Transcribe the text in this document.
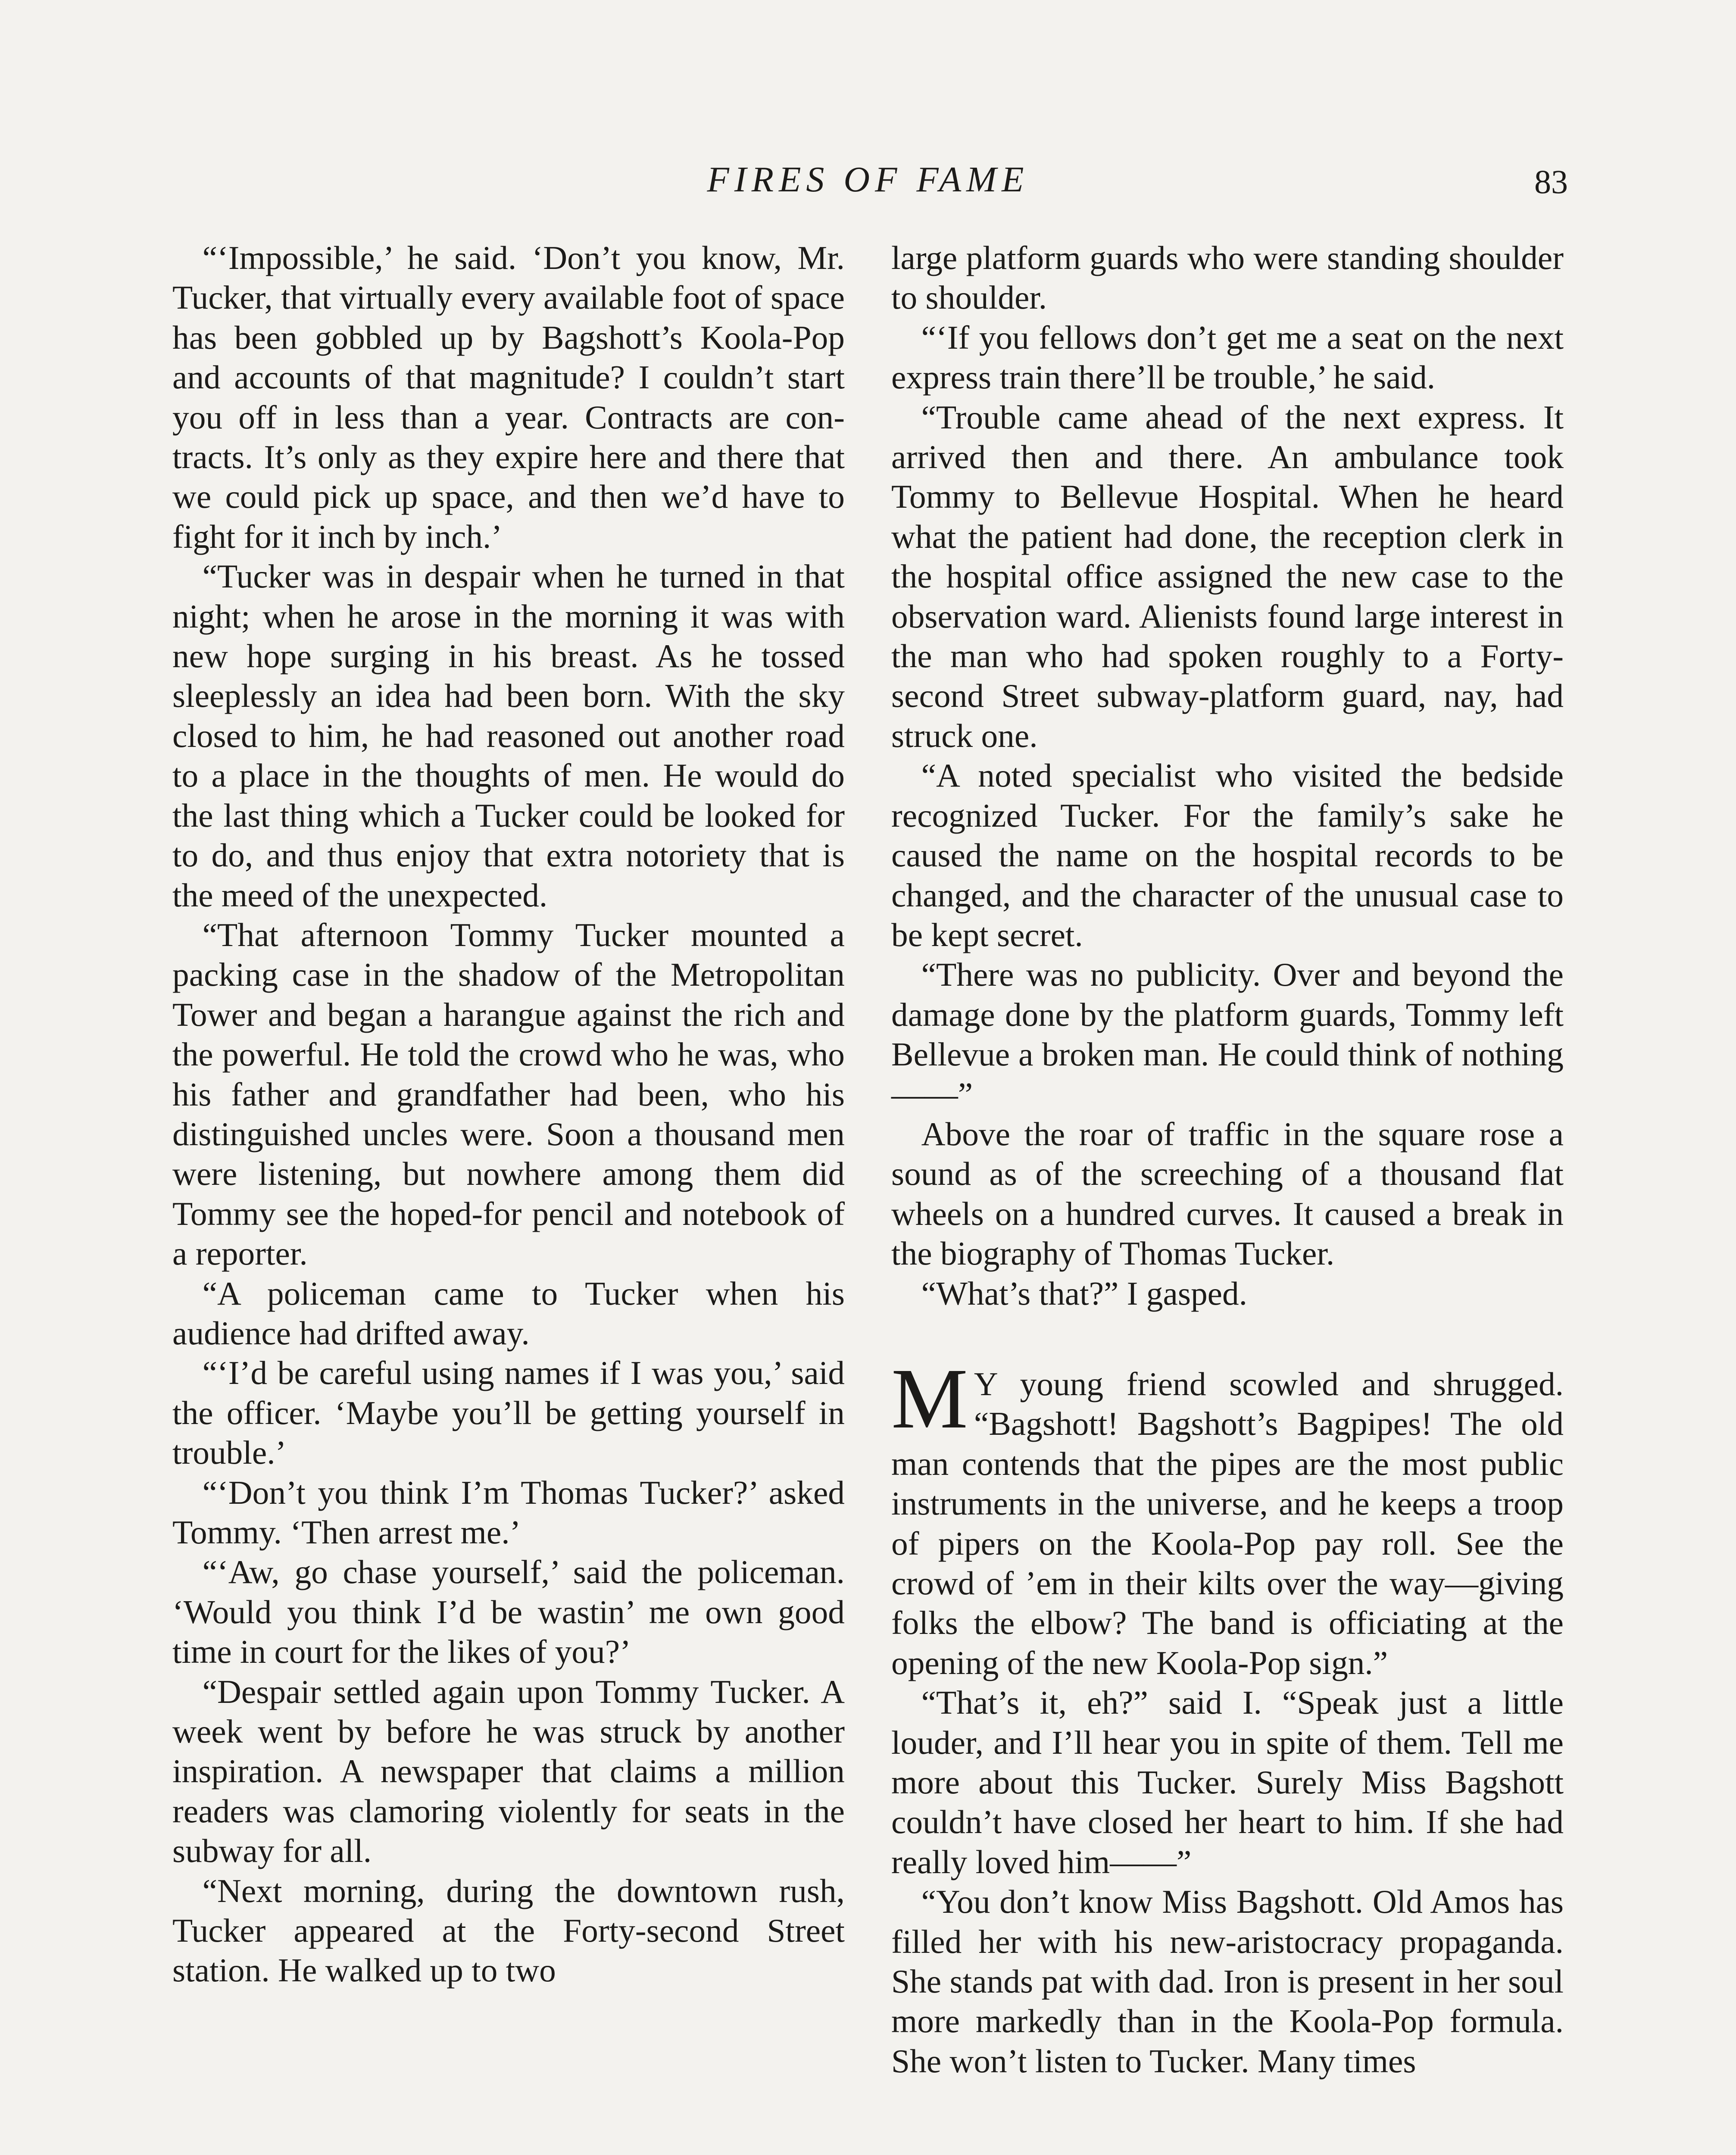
FIRES OF FAME	83

“‘Impossible,’ he said. ‘Don’t you know, Mr. Tucker, that virtually every available foot of space has been gobbled up by Bagshott’s Koola-Pop and accounts of that magnitude? I couldn’t start you off in less than a year. Contracts are contracts. It’s only as they expire here and there that we could pick up space, and then we’d have to fight for it inch by inch.’

“Tucker was in despair when he turned in that night; when he arose in the morning it was with new hope surging in his breast. As he tossed sleeplessly an idea had been born. With the sky closed to him, he had reasoned out another road to a place in the thoughts of men. He would do the last thing which a Tucker could be looked for to do, and thus enjoy that extra notoriety that is the meed of the unexpected.

“That afternoon Tommy Tucker mounted a packing case in the shadow of the Metropolitan Tower and began a harangue against the rich and the powerful. He told the crowd who he was, who his father and grandfather had been, who his distinguished uncles were. Soon a thousand men were listening, but nowhere among them did Tommy see the hoped-for pencil and notebook of a reporter.

“A policeman came to Tucker when his audience had drifted away.

“‘I’d be careful using names if I was you,’ said the officer. ‘Maybe you’ll be getting yourself in trouble.’

“‘Don’t you think I’m Thomas Tucker?’ asked Tommy. ‘Then arrest me.’

“‘Aw, go chase yourself,’ said the policeman. ‘Would you think I’d be wastin’ me own good time in court for the likes of you?’

“Despair settled again upon Tommy Tucker. A week went by before he was struck by another inspiration. A newspaper that claims a million readers was clamoring violently for seats in the subway for all.

“Next morning, during the downtown rush, Tucker appeared at the Forty-second Street station. He walked up to two

large platform guards who were standing shoulder to shoulder.

“‘If you fellows don’t get me a seat on the next express train there’ll be trouble,’ he said.

“Trouble came ahead of the next express. It arrived then and there. An ambulance took Tommy to Bellevue Hospital. When he heard what the patient had done, the reception clerk in the hospital office assigned the new case to the observation ward. Alienists found large interest in the man who had spoken roughly to a Forty-second Street subway-platform guard, nay, had struck one.

“A noted specialist who visited the bedside recognized Tucker. For the family’s sake he caused the name on the hospital records to be changed, and the character of the unusual case to be kept secret.

“There was no publicity. Over and beyond the damage done by the platform guards, Tommy left Bellevue a broken man. He could think of nothing——”

Above the roar of traffic in the square rose a sound as of the screeching of a thousand flat wheels on a hundred curves. It caused a break in the biography of Thomas Tucker.

“What’s that?” I gasped.

M Y young friend scowled and shrugged. “Bagshott! Bagshott’s Bagpipes! The old man contends that the pipes are the most public instruments in the universe, and he keeps a troop of pipers on the Koola-Pop pay roll. See the crowd of ’em in their kilts over the way—giving folks the elbow? The band is officiating at the opening of the new Koola-Pop sign.”

“That’s it, eh?” said I. “Speak just a little louder, and I’ll hear you in spite of them. Tell me more about this Tucker. Surely Miss Bagshott couldn’t have closed her heart to him. If she had really loved him——”

“You don’t know Miss Bagshott. Old Amos has filled her with his new-aristocracy propaganda. She stands pat with dad. Iron is present in her soul more markedly than in the Koola-Pop formula. She won’t listen to Tucker. Many times
